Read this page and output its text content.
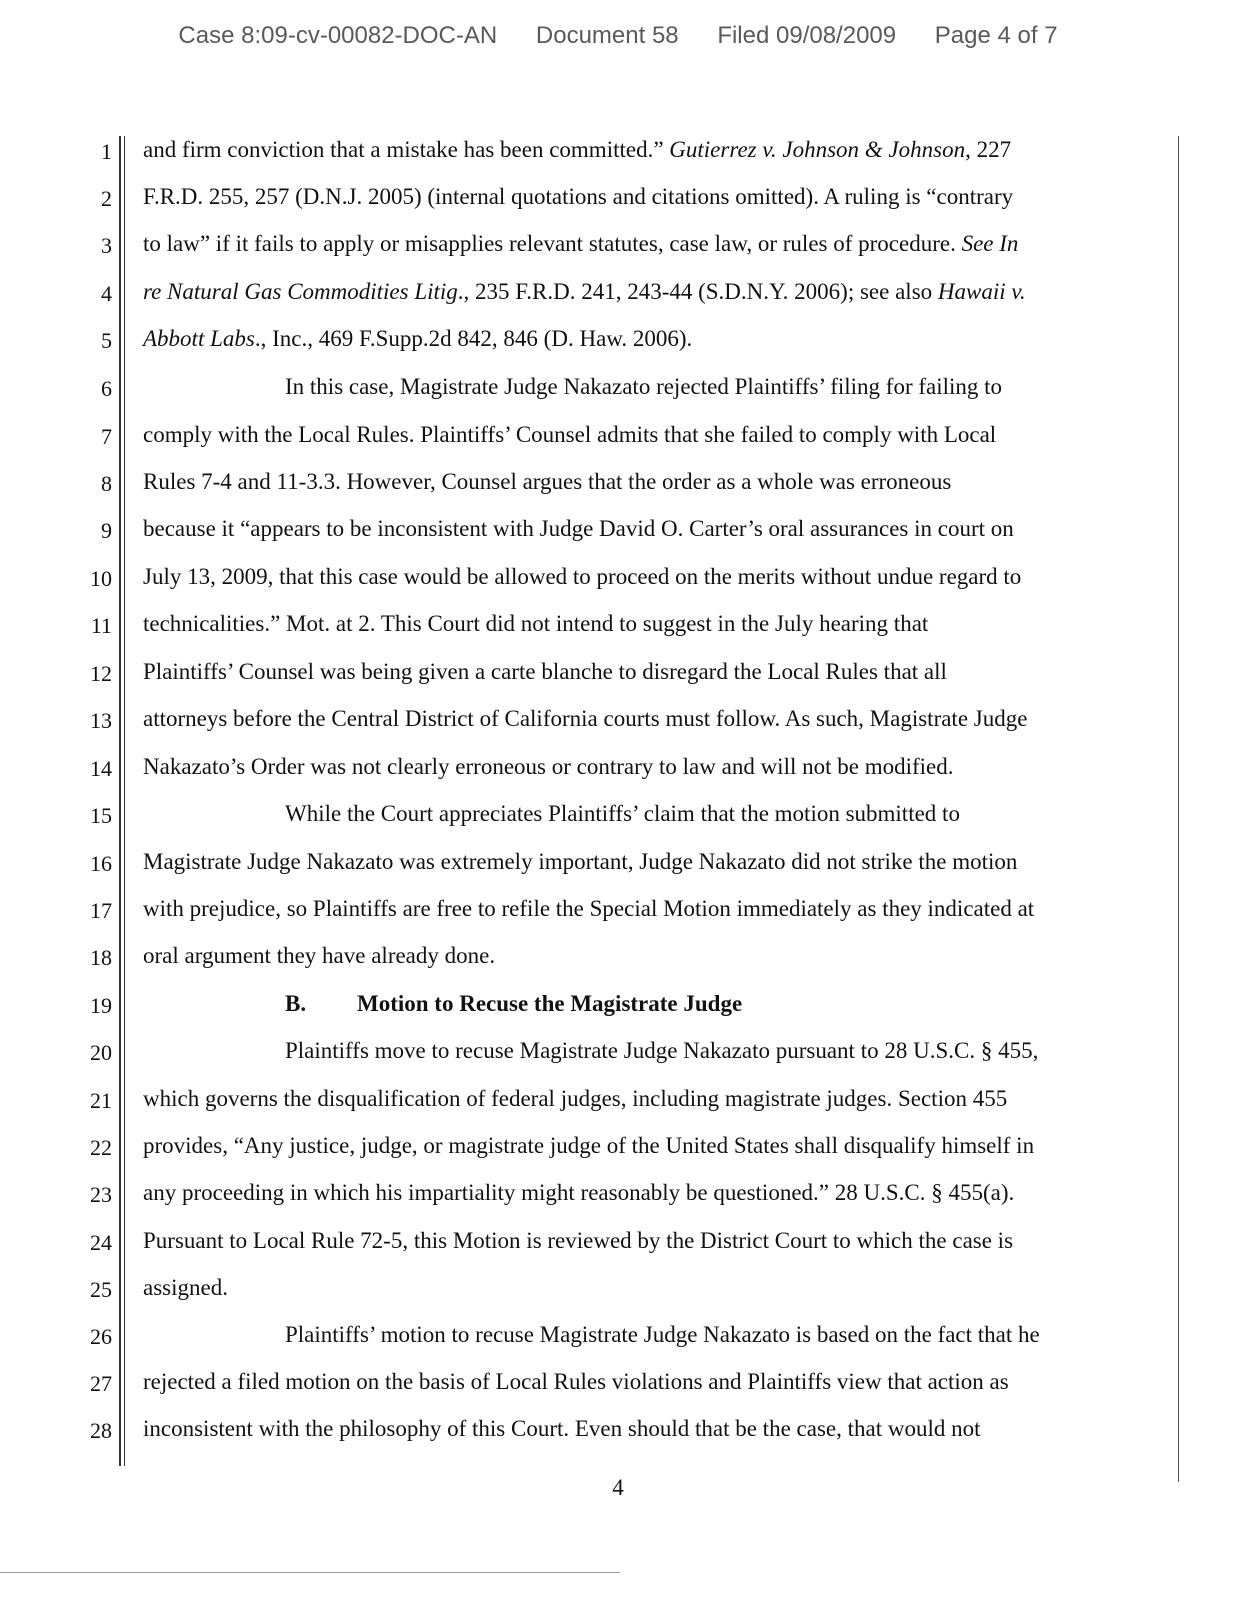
Case 8:09-cv-00082-DOC-AN Document 58 Filed 09/08/2009 Page 4 of 7
1
2
3
4
5
6
7
8
9
10
11
12
13
14
15
16
17
18
19
20
21
22
23
24
25
26
27
28
and firm conviction that a mistake has been committed.” Gutierrez v. Johnson & Johnson, 227
F.R.D. 255, 257 (D.N.J. 2005) (internal quotations and citations omitted). A ruling is “contrary
to law” if it fails to apply or misapplies relevant statutes, case law, or rules of procedure. See In
re Natural Gas Commodities Litig., 235 F.R.D. 241, 243-44 (S.D.N.Y. 2006); see also Hawaii v.
Abbott Labs., Inc., 469 F.Supp.2d 842, 846 (D. Haw. 2006).
In this case, Magistrate Judge Nakazato rejected Plaintiffs’ filing for failing to
comply with the Local Rules. Plaintiffs’ Counsel admits that she failed to comply with Local
Rules 7-4 and 11-3.3. However, Counsel argues that the order as a whole was erroneous
because it “appears to be inconsistent with Judge David O. Carter’s oral assurances in court on
July 13, 2009, that this case would be allowed to proceed on the merits without undue regard to
technicalities.” Mot. at 2. This Court did not intend to suggest in the July hearing that
Plaintiffs’ Counsel was being given a carte blanche to disregard the Local Rules that all
attorneys before the Central District of California courts must follow. As such, Magistrate Judge
Nakazato’s Order was not clearly erroneous or contrary to law and will not be modified.
While the Court appreciates Plaintiffs’ claim that the motion submitted to
Magistrate Judge Nakazato was extremely important, Judge Nakazato did not strike the motion
with prejudice, so Plaintiffs are free to refile the Special Motion immediately as they indicated at
oral argument they have already done.
B. Motion to Recuse the Magistrate Judge
Plaintiffs move to recuse Magistrate Judge Nakazato pursuant to 28 U.S.C. § 455,
which governs the disqualification of federal judges, including magistrate judges. Section 455
provides, “Any justice, judge, or magistrate judge of the United States shall disqualify himself in
any proceeding in which his impartiality might reasonably be questioned.” 28 U.S.C. § 455(a).
Pursuant to Local Rule 72-5, this Motion is reviewed by the District Court to which the case is
assigned.
Plaintiffs’ motion to recuse Magistrate Judge Nakazato is based on the fact that he
rejected a filed motion on the basis of Local Rules violations and Plaintiffs view that action as
inconsistent with the philosophy of this Court. Even should that be the case, that would not
4
